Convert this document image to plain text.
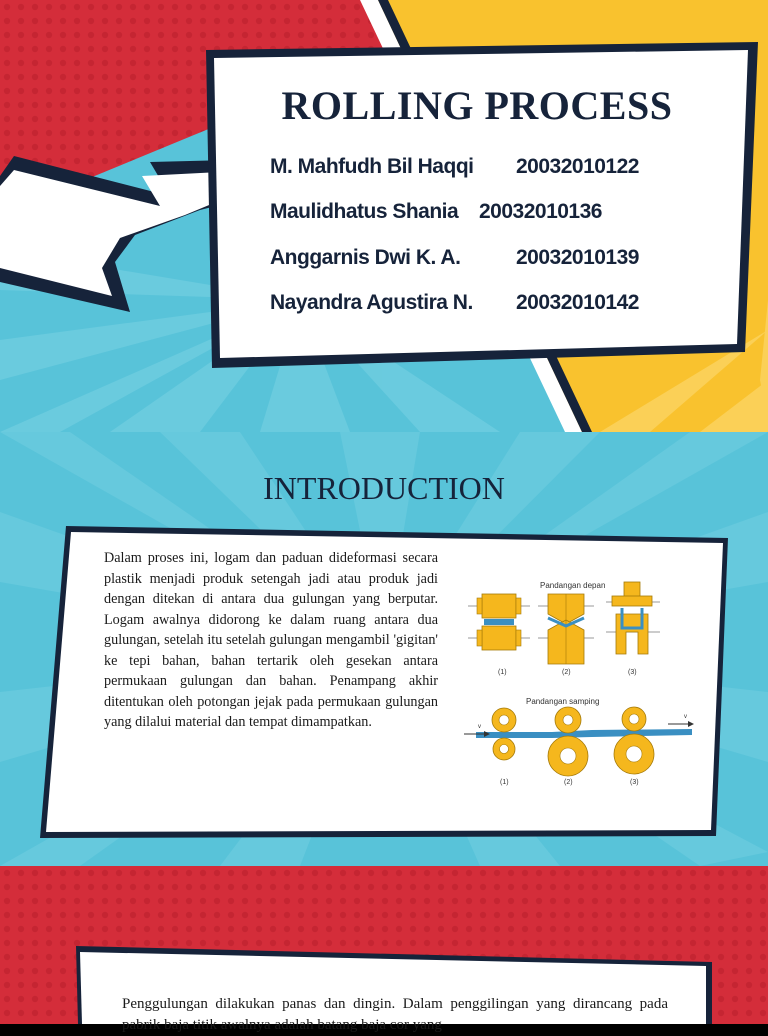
ROLLING PROCESS
M. Mahfudh Bil Haqqi 20032010122
Maulidhatus Shania 20032010136
Anggarnis Dwi K. A.	20032010139
Nayandra Agustira N. 20032010142
INTRODUCTION
Dalam proses ini, logam dan paduan dideformasi secara plastik menjadi produk setengah jadi atau produk jadi dengan ditekan di antara dua gulungan yang berputar. Logam awalnya didorong ke dalam ruang antara dua gulungan, setelah itu setelah gulungan mengambil 'gigitan' ke tepi bahan, bahan tertarik oleh gesekan antara permukaan gulungan dan bahan. Penampang akhir ditentukan oleh potongan jejak pada permukaan gulungan yang dilalui material dan tempat dimampatkan.
Pandangan depan
(1)	(2)	(3)
Pandangan samping
v
v
(1)	(2)	(3)
Penggulungan dilakukan panas dan dingin. Dalam penggilingan yang dirancang pada pabrik baja titik awalnya adalah batang baja cor yang
